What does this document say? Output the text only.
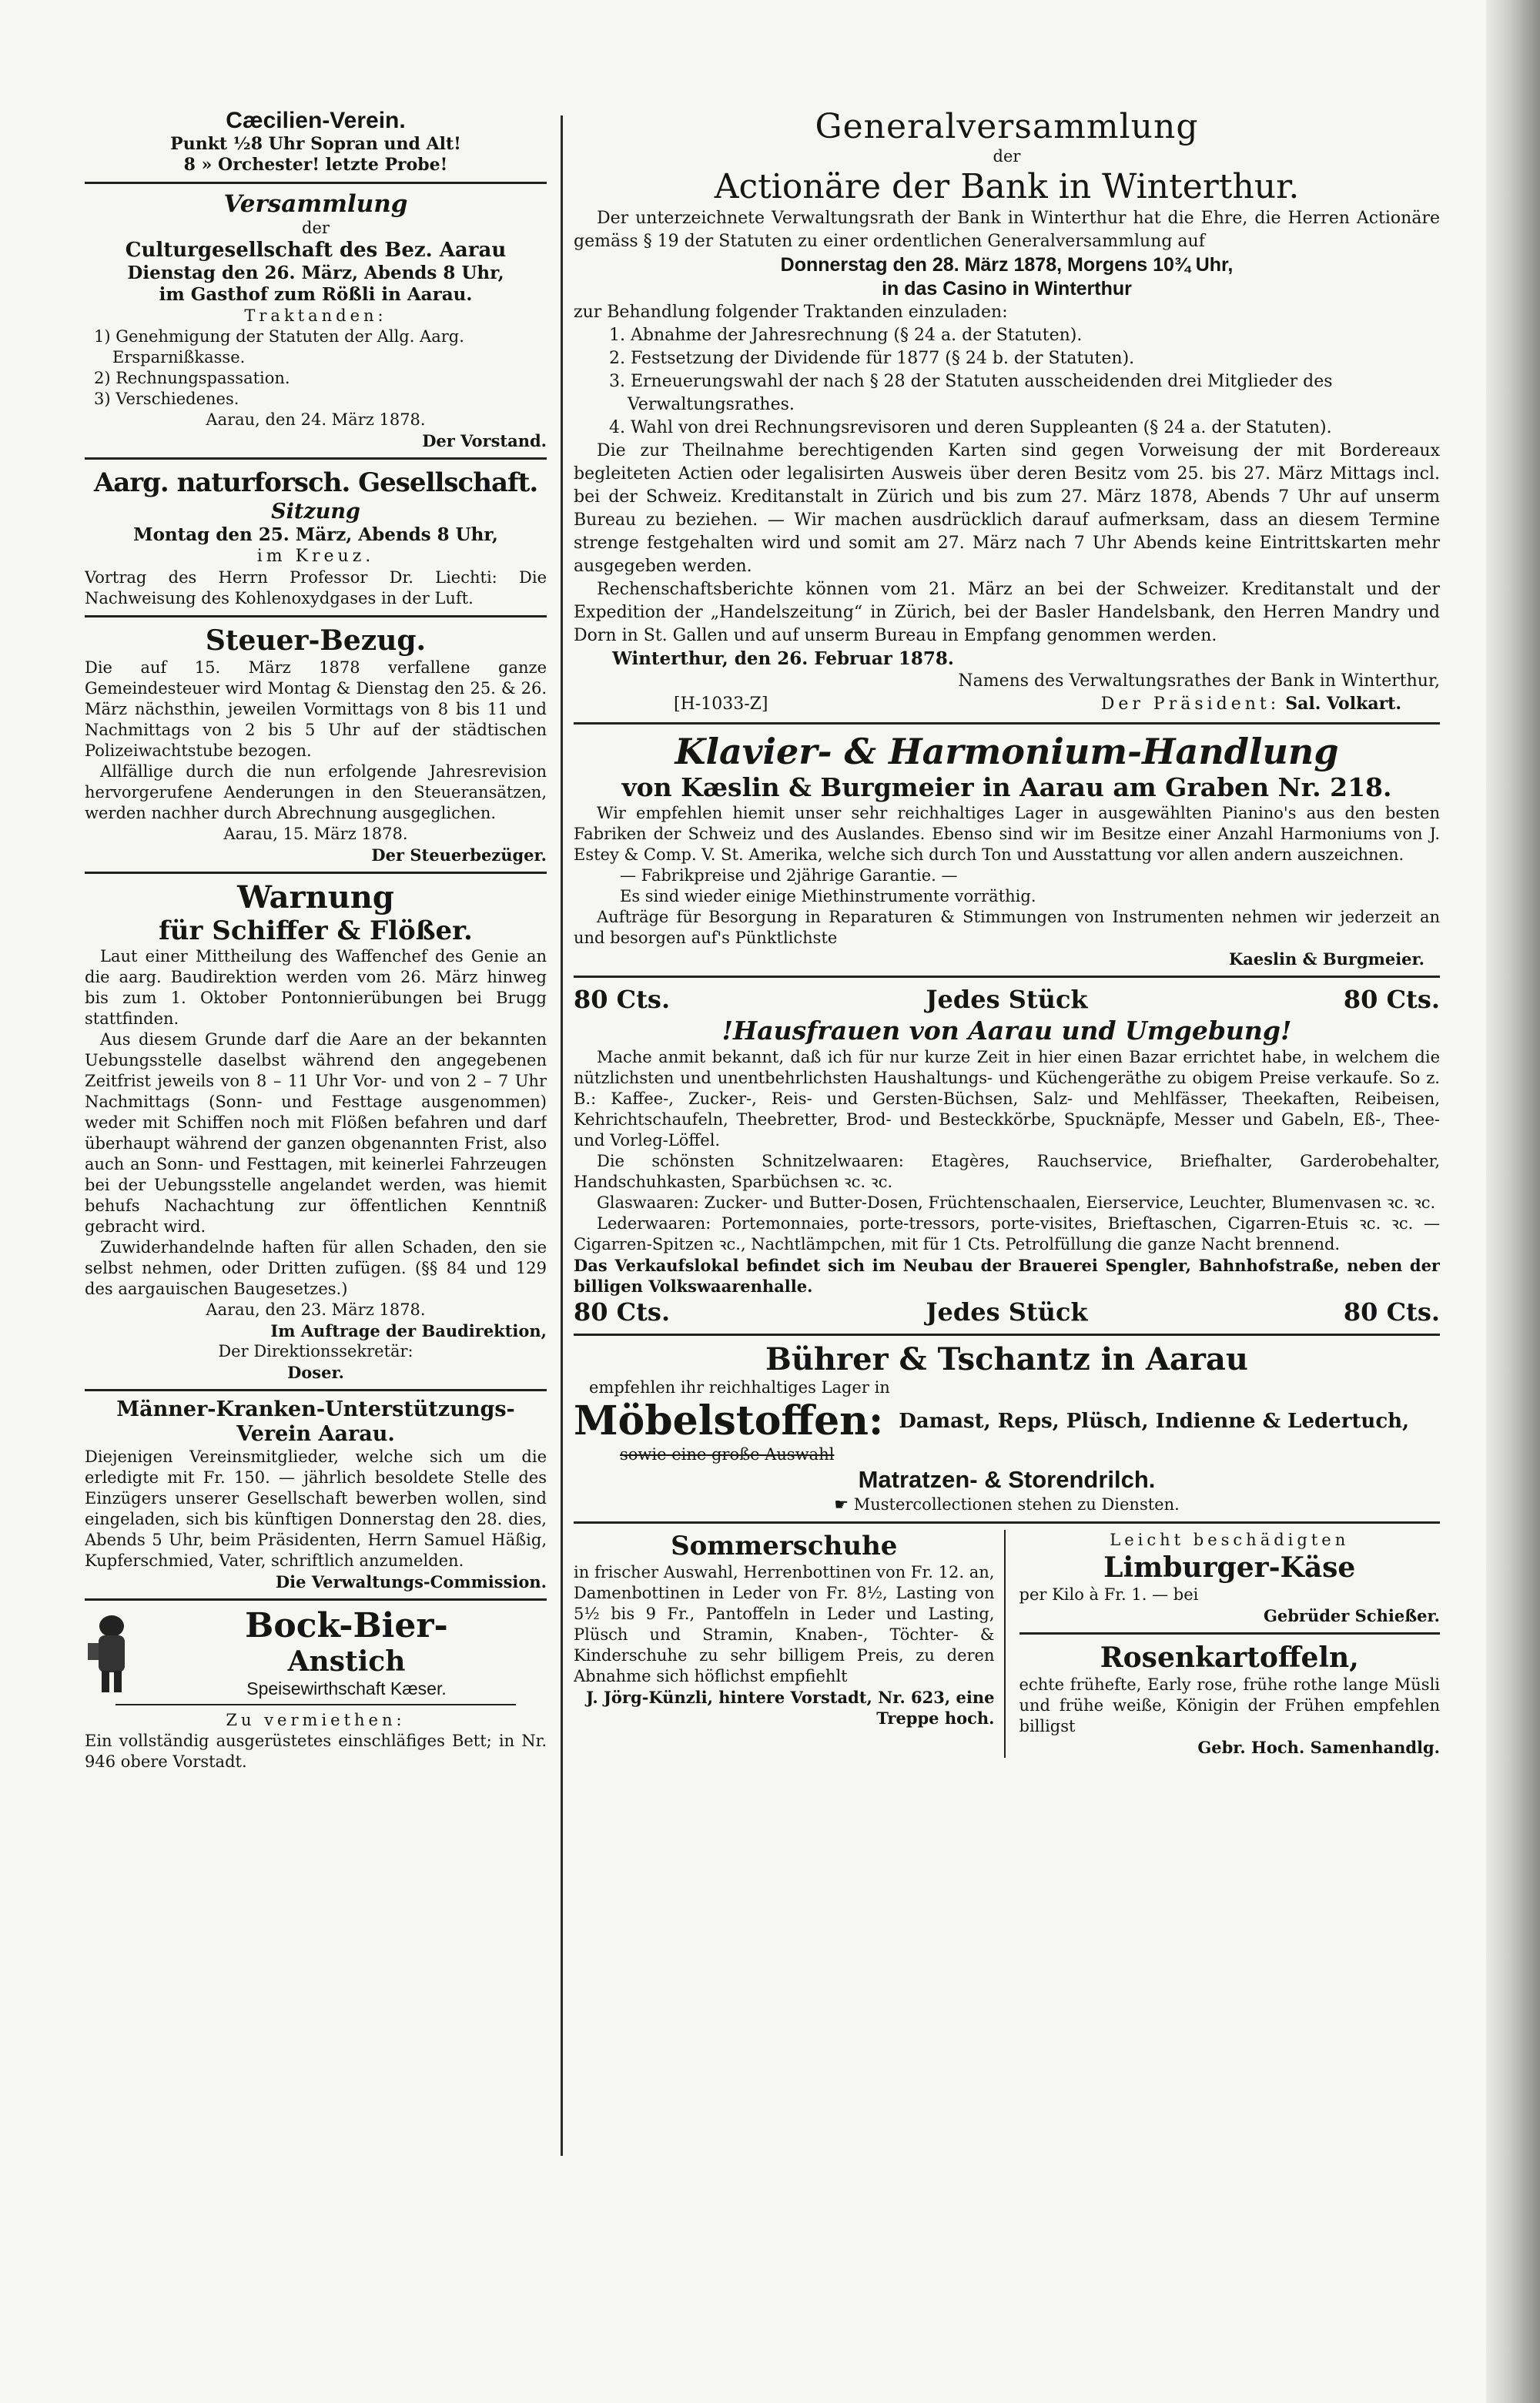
Cæcilien-Verein.
Punkt ½8 Uhr Sopran und Alt!
8 » Orchester! letzte Probe!
Versammlung
der
Culturgesellschaft des Bez. Aarau
Dienstag den 26. März, Abends 8 Uhr,
im Gasthof zum Rößli in Aarau.
Traktanden:
1) Genehmigung der Statuten der Allg. Aarg. Ersparnißkasse.
2) Rechnungspassation.
3) Verschiedenes.
Aarau, den 24. März 1878.
Der Vorstand.
Aarg. naturforsch. Gesellschaft.
Sitzung
Montag den 25. März, Abends 8 Uhr,
im Kreuz.
Vortrag des Herrn Professor Dr. Liechti: Die Nachweisung des Kohlenoxydgases in der Luft.
Steuer-Bezug.
Die auf 15. März 1878 verfallene ganze Gemeindesteuer wird Montag & Dienstag den 25. & 26. März nächsthin, jeweilen Vormittags von 8 bis 11 und Nachmittags von 2 bis 5 Uhr auf der städtischen Polizeiwachtstube bezogen.
Allfällige durch die nun erfolgende Jahresrevision hervorgerufene Aenderungen in den Steueransätzen, werden nachher durch Abrechnung ausgeglichen.
Aarau, 15. März 1878.
Der Steuerbezüger.
Warnung
für Schiffer & Flößer.
Laut einer Mittheilung des Waffenchef des Genie an die aarg. Baudirektion werden vom 26. März hinweg bis zum 1. Oktober Pontonnierübungen bei Brugg stattfinden.
Aus diesem Grunde darf die Aare an der bekannten Uebungsstelle daselbst während den angegebenen Zeitfrist jeweils von 8 – 11 Uhr Vor- und von 2 – 7 Uhr Nachmittags (Sonn- und Festtage ausgenommen) weder mit Schiffen noch mit Flößen befahren und darf überhaupt während der ganzen obgenannten Frist, also auch an Sonn- und Festtagen, mit keinerlei Fahrzeugen bei der Uebungsstelle angelandet werden, was hiemit behufs Nachachtung zur öffentlichen Kenntniß gebracht wird.
Zuwiderhandelnde haften für allen Schaden, den sie selbst nehmen, oder Dritten zufügen. (§§ 84 und 129 des aargauischen Baugesetzes.)
Aarau, den 23. März 1878.
Im Auftrage der Baudirektion,
Der Direktionssekretär:
Doser.
Männer-Kranken-Unterstützungs-Verein Aarau.
Diejenigen Vereinsmitglieder, welche sich um die erledigte mit Fr. 150. — jährlich besoldete Stelle des Einzügers unserer Gesellschaft bewerben wollen, sind eingeladen, sich bis künftigen Donnerstag den 28. dies, Abends 5 Uhr, beim Präsidenten, Herrn Samuel Häßig, Kupferschmied, Vater, schriftlich anzumelden.
Die Verwaltungs-Commission.
Bock-Bier-
Anstich
Speisewirthschaft Kæser.
Zu vermiethen:
Ein vollständig ausgerüstetes einschläfiges Bett; in Nr. 946 obere Vorstadt.
Generalversammlung
der
Actionäre der Bank in Winterthur.
Der unterzeichnete Verwaltungsrath der Bank in Winterthur hat die Ehre, die Herren Actionäre gemäss § 19 der Statuten zu einer ordentlichen Generalversammlung auf
Donnerstag den 28. März 1878, Morgens 10¾ Uhr,
in das Casino in Winterthur
zur Behandlung folgender Traktanden einzuladen:
1. Abnahme der Jahresrechnung (§ 24 a. der Statuten).
2. Festsetzung der Dividende für 1877 (§ 24 b. der Statuten).
3. Erneuerungswahl der nach § 28 der Statuten ausscheidenden drei Mitglieder des Verwaltungsrathes.
4. Wahl von drei Rechnungsrevisoren und deren Suppleanten (§ 24 a. der Statuten).
Die zur Theilnahme berechtigenden Karten sind gegen Vorweisung der mit Bordereaux begleiteten Actien oder legalisirten Ausweis über deren Besitz vom 25. bis 27. März Mittags incl. bei der Schweiz. Kreditanstalt in Zürich und bis zum 27. März 1878, Abends 7 Uhr auf unserm Bureau zu beziehen. — Wir machen ausdrücklich darauf aufmerksam, dass an diesem Termine strenge festgehalten wird und somit am 27. März nach 7 Uhr Abends keine Eintrittskarten mehr ausgegeben werden.
Rechenschaftsberichte können vom 21. März an bei der Schweizer. Kreditanstalt und der Expedition der „Handelszeitung“ in Zürich, bei der Basler Handelsbank, den Herren Mandry und Dorn in St. Gallen und auf unserm Bureau in Empfang genommen werden.
Winterthur, den 26. Februar 1878.
Namens des Verwaltungsrathes der Bank in Winterthur,
[H-1033-Z]	Der Präsident: Sal. Volkart.
Klavier- & Harmonium-Handlung
von Kæslin & Burgmeier in Aarau am Graben Nr. 218.
Wir empfehlen hiemit unser sehr reichhaltiges Lager in ausgewählten Pianino's aus den besten Fabriken der Schweiz und des Auslandes. Ebenso sind wir im Besitze einer Anzahl Harmoniums von J. Estey & Comp. V. St. Amerika, welche sich durch Ton und Ausstattung vor allen andern auszeichnen.
— Fabrikpreise und 2jährige Garantie. —
Es sind wieder einige Miethinstrumente vorräthig.
Aufträge für Besorgung in Reparaturen & Stimmungen von Instrumenten nehmen wir jederzeit an und besorgen auf's Pünktlichste
Kaeslin & Burgmeier.
80 Cts.	Jedes Stück	80 Cts.
!Hausfrauen von Aarau und Umgebung!
Mache anmit bekannt, daß ich für nur kurze Zeit in hier einen Bazar errichtet habe, in welchem die nützlichsten und unentbehrlichsten Haushaltungs- und Küchengeräthe zu obigem Preise verkaufe. So z. B.: Kaffee-, Zucker-, Reis- und Gersten-Büchsen, Salz- und Mehlfässer, Theekaften, Reibeisen, Kehrichtschaufeln, Theebretter, Brod- und Besteckkörbe, Spucknäpfe, Messer und Gabeln, Eß-, Thee- und Vorleg-Löffel.
Die schönsten Schnitzelwaaren: Etagères, Rauchservice, Briefhalter, Garderobehalter, Handschuhkasten, Sparbüchsen ꝛc. ꝛc.
Glaswaaren: Zucker- und Butter-Dosen, Früchtenschaalen, Eierservice, Leuchter, Blumenvasen ꝛc. ꝛc.
Lederwaaren: Portemonnaies, porte-tressors, porte-visites, Brieftaschen, Cigarren-Etuis ꝛc. ꝛc. — Cigarren-Spitzen ꝛc., Nachtlämpchen, mit für 1 Cts. Petrolfüllung die ganze Nacht brennend.
Das Verkaufslokal befindet sich im Neubau der Brauerei Spengler, Bahnhofstraße, neben der billigen Volkswaarenhalle.
80 Cts.	Jedes Stück	80 Cts.
Bührer & Tschantz in Aarau
empfehlen ihr reichhaltiges Lager in
Möbelstoffen: Damast, Reps, Plüsch, Indienne & Ledertuch,
sowie eine große Auswahl
Matratzen- & Storendrilch.
☛ Mustercollectionen stehen zu Diensten.
Sommerschuhe
in frischer Auswahl, Herrenbottinen von Fr. 12. an, Damenbottinen in Leder von Fr. 8½, Lasting von 5½ bis 9 Fr., Pantoffeln in Leder und Lasting, Plüsch und Stramin, Knaben-, Töchter- & Kinderschuhe zu sehr billigem Preis, zu deren Abnahme sich höflichst empfiehlt
J. Jörg-Künzli, hintere Vorstadt, Nr. 623, eine Treppe hoch.
Leicht beschädigten
Limburger-Käse
per Kilo à Fr. 1. — bei
Gebrüder Schießer.
Rosenkartoffeln,
echte frühefte, Early rose, frühe rothe lange Müsli und frühe weiße, Königin der Frühen empfehlen billigst
Gebr. Hoch. Samenhandlg.
